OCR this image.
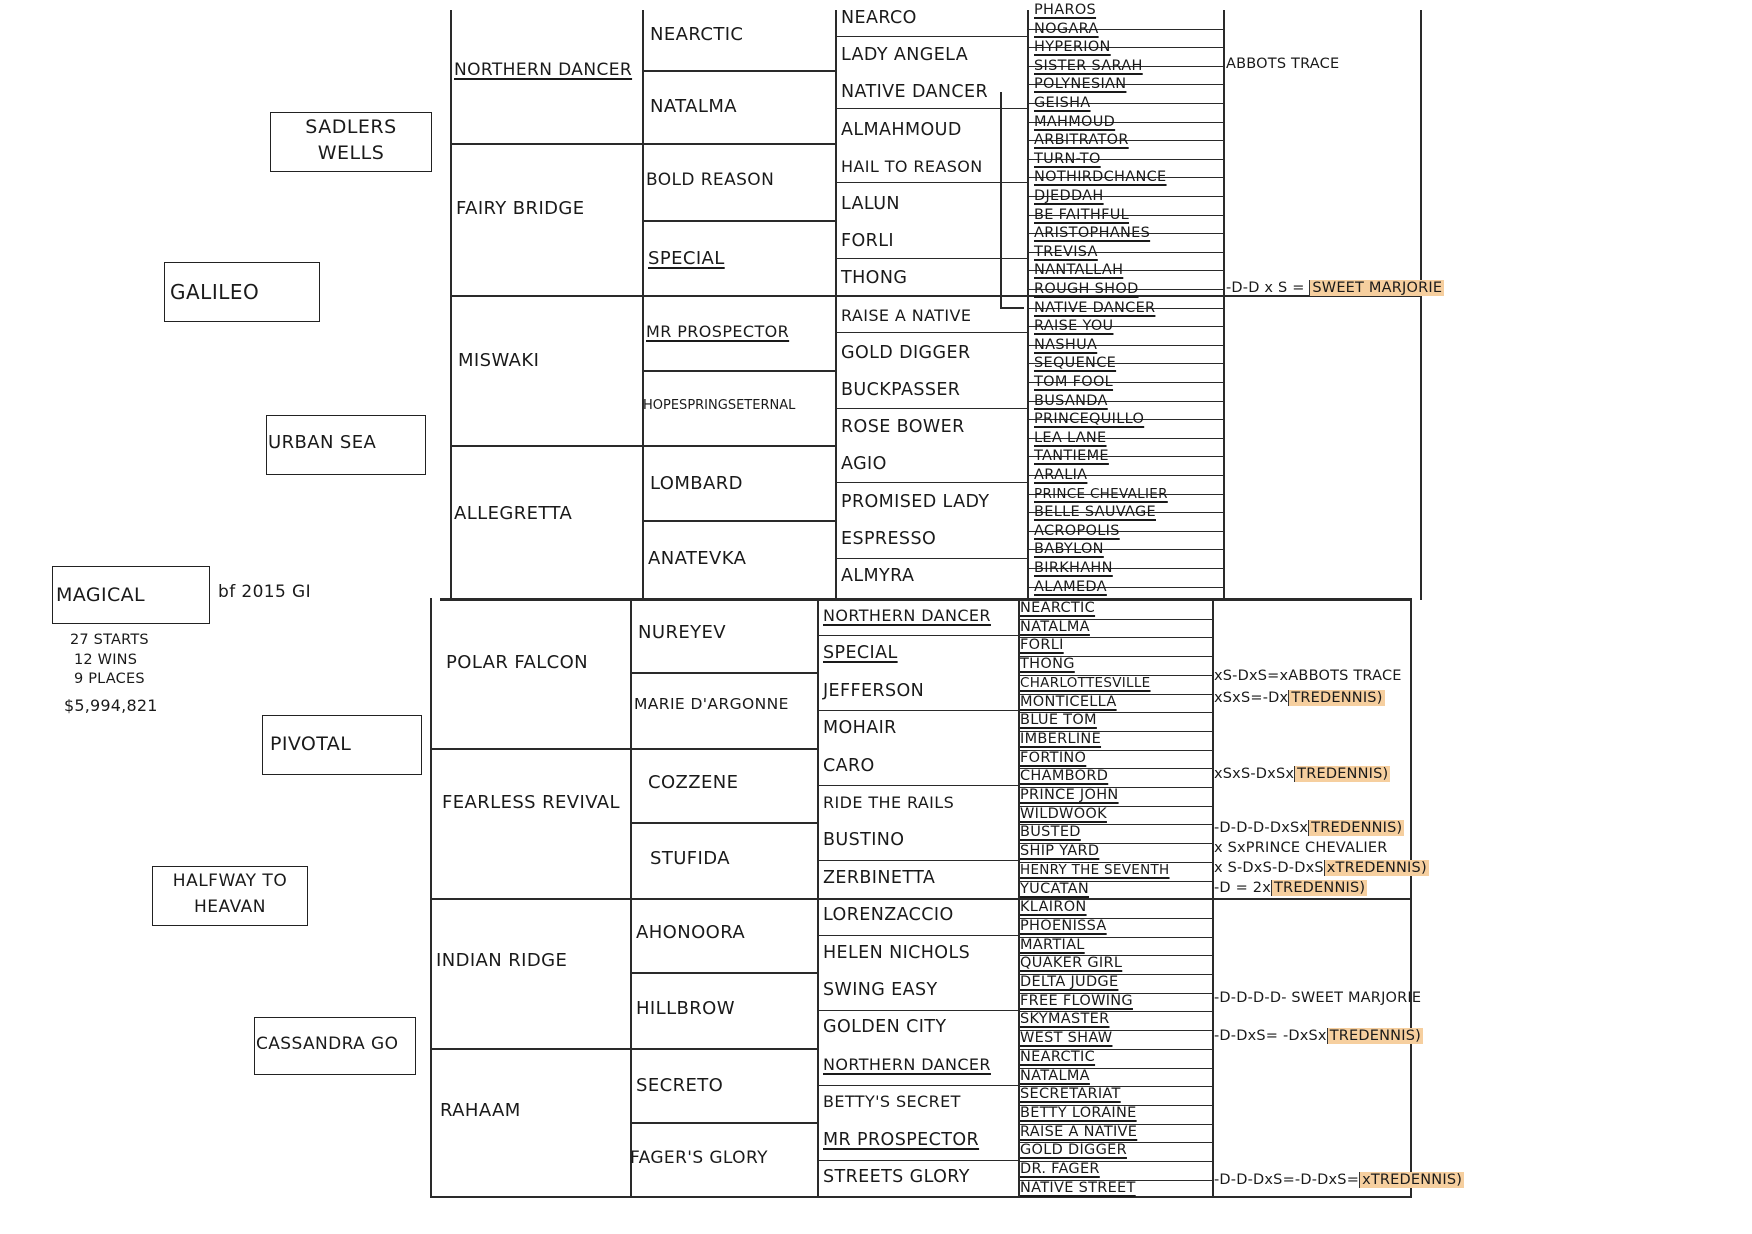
MAGICAL	bf 2015 GI
27 STARTS
12 WINS
9 PLACES
$5,994,821
GALILEO
PIVOTAL
SADLERS WELLS
URBAN SEA
HALFWAY TO HEAVAN
CASSANDRA GO
NORTHERN DANCER
FAIRY BRIDGE
MISWAKI
ALLEGRETTA
POLAR FALCON
FEARLESS REVIVAL
INDIAN RIDGE
RAHAAM
NEARCTIC
NATALMA
BOLD REASON
SPECIAL
MR PROSPECTOR
HOPESPRINGSETERNAL
LOMBARD
ANATEVKA
NUREYEV
MARIE D'ARGONNE
COZZENE
STUFIDA
AHONOORA
HILLBROW
SECRETO
FAGER'S GLORY
NEARCO
LADY ANGELA
NATIVE DANCER
ALMAHMOUD
HAIL TO REASON
LALUN
FORLI
THONG
RAISE A NATIVE
GOLD DIGGER
BUCKPASSER
ROSE BOWER
AGIO
PROMISED LADY
ESPRESSO
ALMYRA
NORTHERN DANCER
SPECIAL
JEFFERSON
MOHAIR
CARO
RIDE THE RAILS
BUSTINO
ZERBINETTA
LORENZACCIO
HELEN NICHOLS
SWING EASY
GOLDEN CITY
NORTHERN DANCER
BETTY'S SECRET
MR PROSPECTOR
STREETS GLORY
PHAROS
NOGARA
HYPERION
SISTER SARAH
POLYNESIAN
GEISHA
MAHMOUD
ARBITRATOR
TURN-TO
NOTHIRDCHANCE
DJEDDAH
BE FAITHFUL
ARISTOPHANES
TREVISA
NANTALLAH
ROUGH SHOD
NATIVE DANCER
RAISE YOU
NASHUA
SEQUENCE
TOM FOOL
BUSANDA
PRINCEQUILLO
LEA LANE
TANTIEME
ARALIA
PRINCE CHEVALIER
BELLE SAUVAGE
ACROPOLIS
BABYLON
BIRKHAHN
ALAMEDA
NEARCTIC
NATALMA
FORLI
THONG
CHARLOTTESVILLE
MONTICELLA
BLUE TOM
IMBERLINE
FORTINO
CHAMBORD
PRINCE JOHN
WILDWOOK
BUSTED
SHIP YARD
HENRY THE SEVENTH
YUCATAN
KLAIRON
PHOENISSA
MARTIAL
QUAKER GIRL
DELTA JUDGE
FREE FLOWING
SKYMASTER
WEST SHAW
NEARCTIC
NATALMA
SECRETARIAT
BETTY LORAINE
RAISE A NATIVE
GOLD DIGGER
DR. FAGER
NATIVE STREET
ABBOTS TRACE
-D-D x S = SWEET MARJORIE
xS-DxS=xABBOTS TRACE
xSxS=-Dx TREDENNIS)
xSxS-DxSx TREDENNIS)
-D-D-D-DxSx TREDENNIS)
x SxPRINCE CHEVALIER
x S-DxS-D-DxS xTREDENNIS)
-D = 2x TREDENNIS)
-D-D-D-D- SWEET MARJORIE
-D-DxS= -DxSx TREDENNIS)
-D-D-DxS=-D-DxS= xTREDENNIS)
